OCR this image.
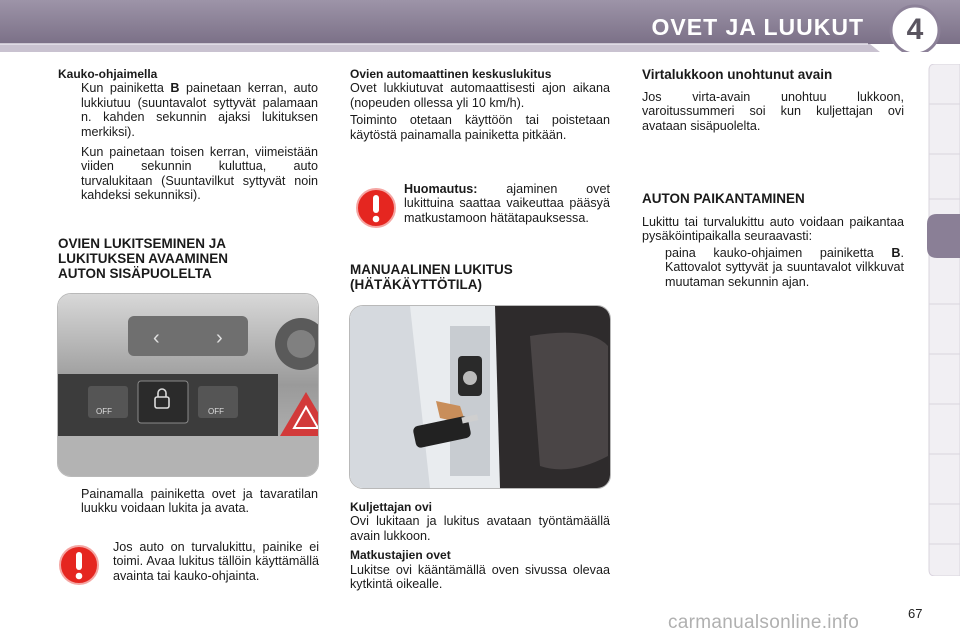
OVET JA LUUKUT	4

Kauko-ohjaimella

Kun painiketta B painetaan kerran, auto lukkiutuu (suuntavalot syttyvät palamaan n. kahden sekunnin ajaksi lukituksen merkiksi).
Kun painetaan toisen kerran, viimeistään viiden sekunnin kuluttua, auto turvalukitaan (Suuntavilkut syttyvät noin kahdeksi sekunniksi).

OVIEN LUKITSEMINEN JA
LUKITUKSEN AVAAMINEN
AUTON SISÄPUOLELTA

‹	›
OFF	OFF
Painamalla painiketta ovet ja tavaratilan luukku voidaan lukita ja avata.

Jos auto on turvalukittu, painike ei toimi. Avaa lukitus tällöin käyttämällä avainta tai kauko-ohjainta.

Ovien automaattinen keskuslukitus

Ovet lukkiutuvat automaattisesti ajon aikana (nopeuden ollessa yli 10 km/h).

Toiminto otetaan käyttöön tai poistetaan käytöstä painamalla painiketta pitkään.

Huomautus: ajaminen ovet lukittuina saattaa vaikeuttaa pääsyä matkustamoon hätätapauksessa.

MANUAALINEN LUKITUS
(HÄTÄKÄYTTÖTILA)

Kuljettajan ovi

Ovi lukitaan ja lukitus avataan työntämäällä avain lukkoon.

Matkustajien ovet

Lukitse ovi kääntämällä oven sivussa olevaa kytkintä oikealle.

Virtalukkoon unohtunut avain

Jos virta-avain unohtuu lukkoon, varoitussummeri soi kun kuljettajan ovi avataan sisäpuolelta.

AUTON PAIKANTAMINEN

Lukittu tai turvalukittu auto voidaan paikantaa pysäköintipaikalla seuraavasti:

paina kauko-ohjaimen painiketta B. Kattovalot syttyvät ja suuntavalot vilkkuvat muutaman sekunnin ajan.
carmanualsonline.info	67
